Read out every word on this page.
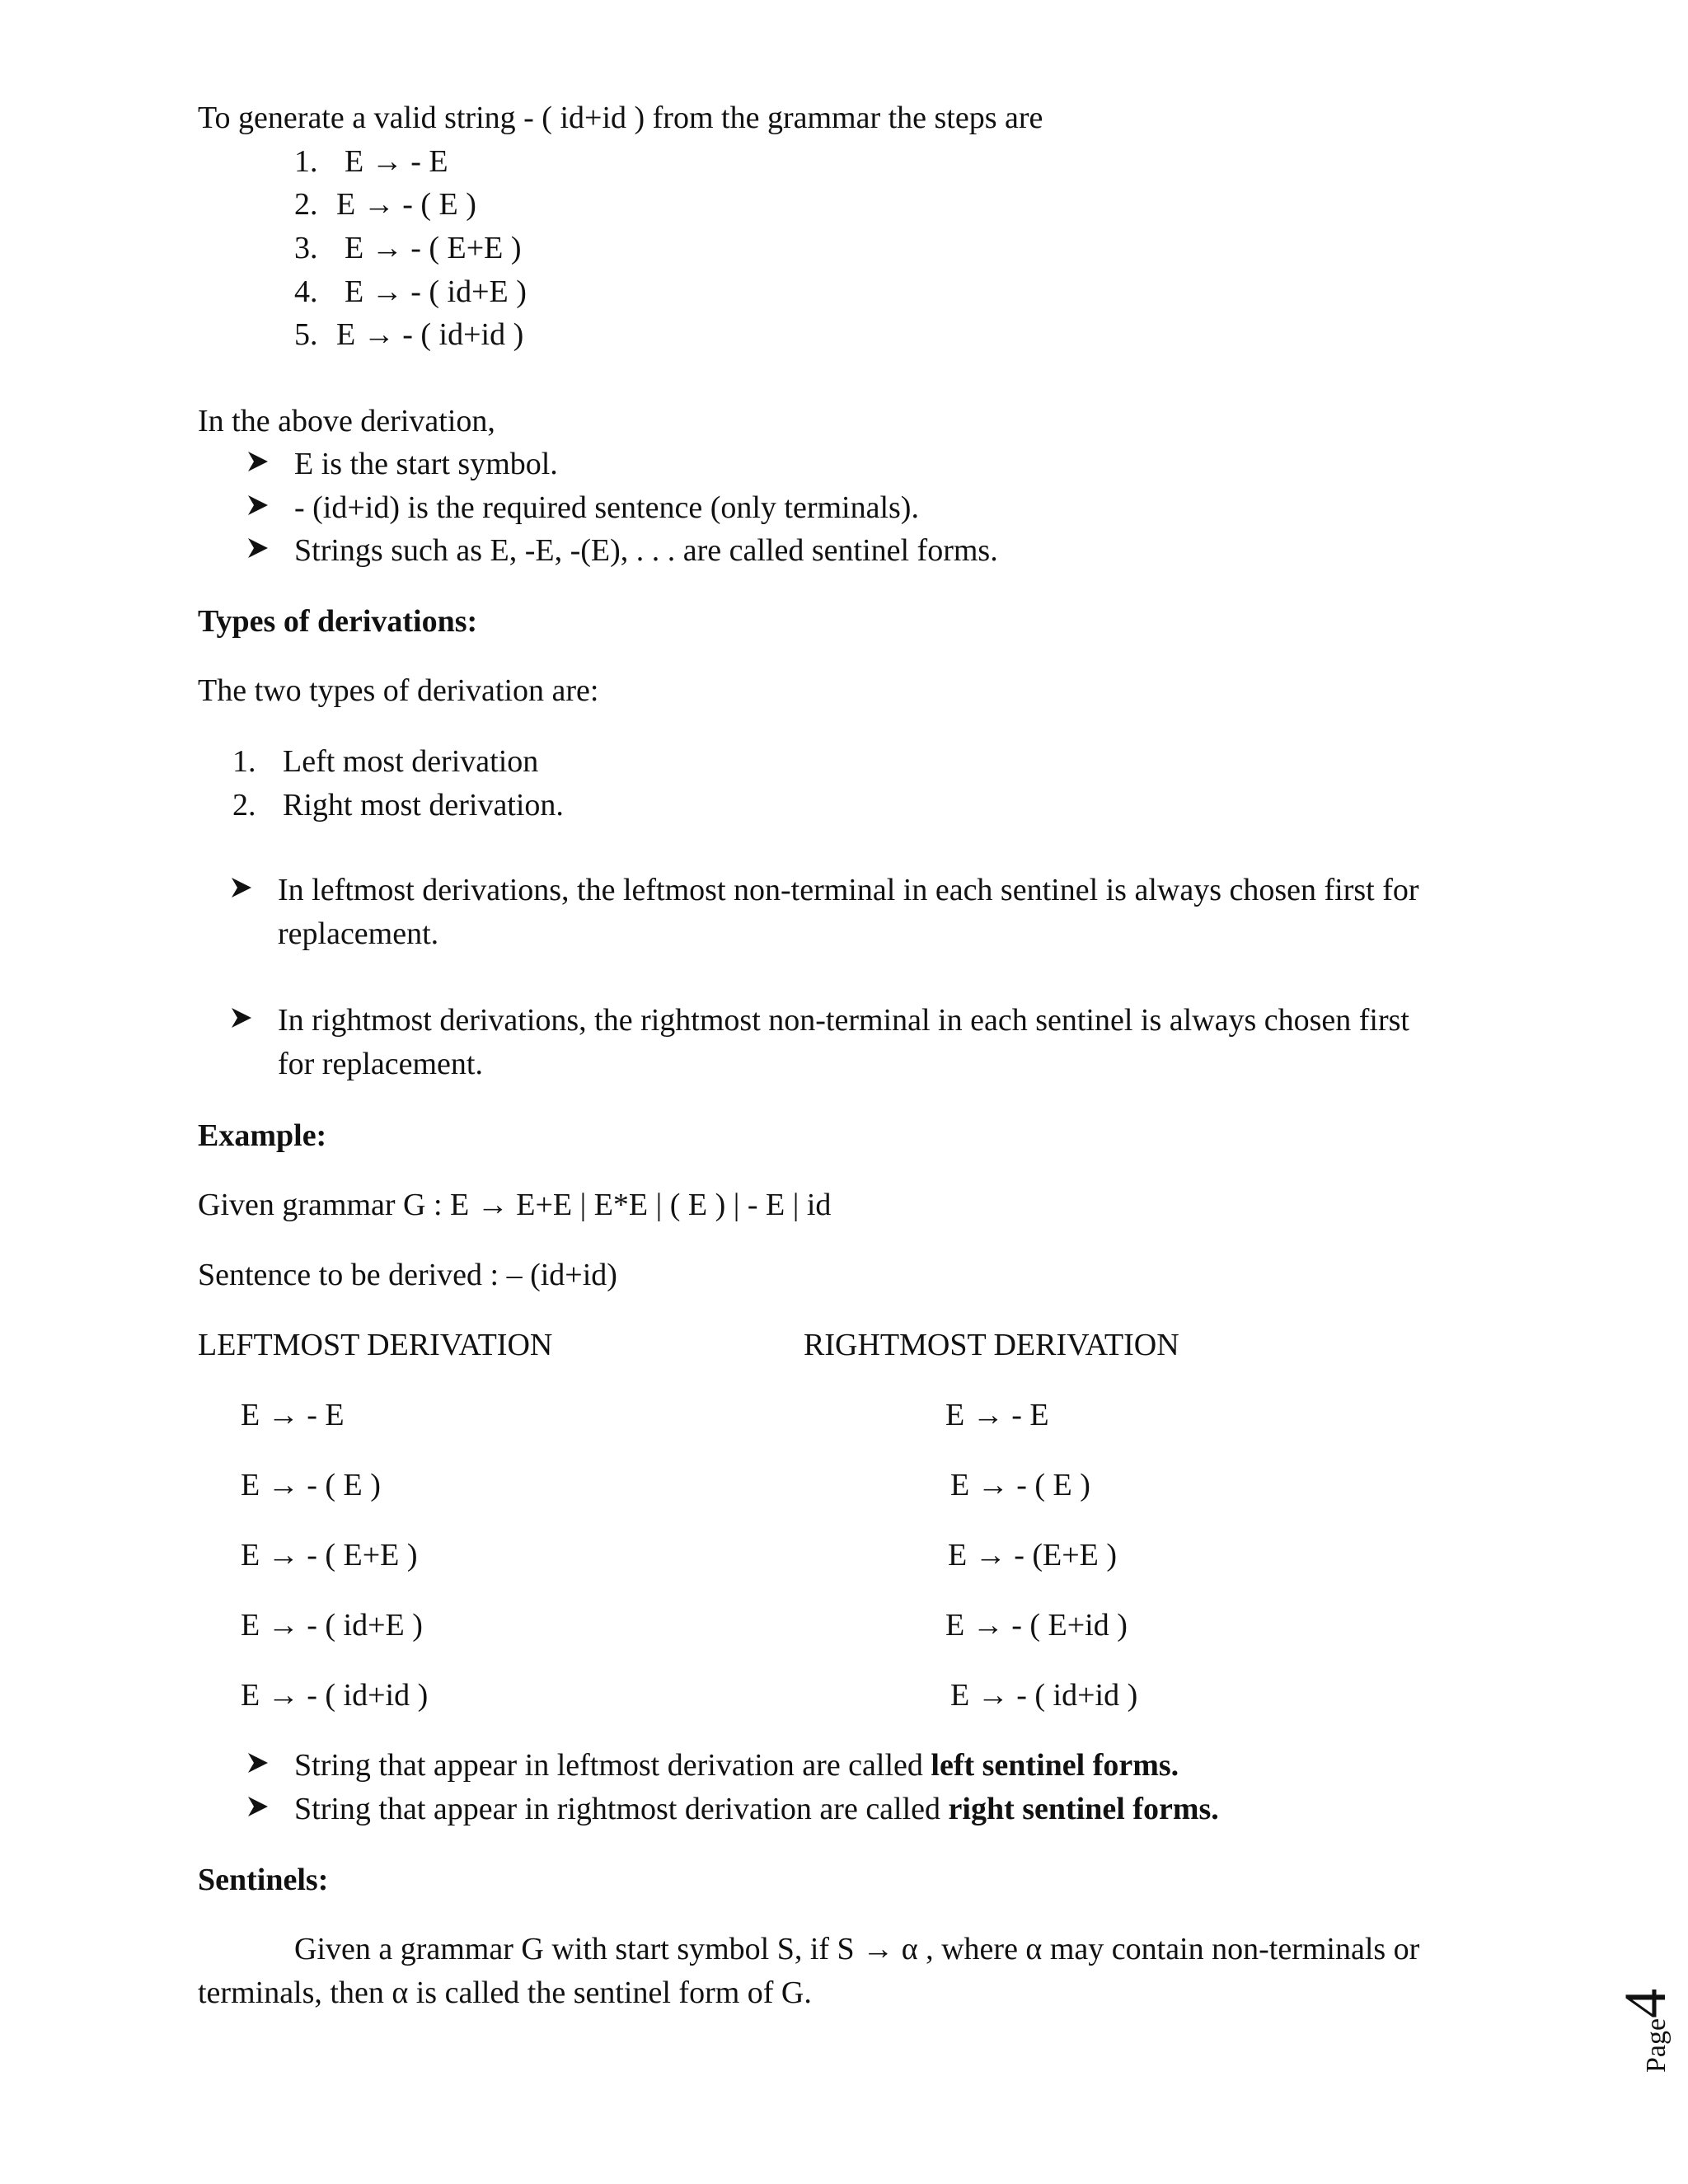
To generate a valid string - ( id+id ) from the grammar the steps are
1. E → - E
2. E → - ( E )
3. E → - ( E+E )
4. E → - ( id+E )
5. E → - ( id+id )
In the above derivation,
E is the start symbol.
- (id+id) is the required sentence (only terminals).
Strings such as E, -E, -(E), . . . are called sentinel forms.
Types of derivations:
The two types of derivation are:
1. Left most derivation
2. Right most derivation.
In leftmost derivations, the leftmost non-terminal in each sentinel is always chosen first for
replacement.
In rightmost derivations, the rightmost non-terminal in each sentinel is always chosen first
for replacement.
Example:
Given grammar G : E → E+E | E*E | ( E ) | - E | id
Sentence to be derived : – (id+id)
LEFTMOST DERIVATION	RIGHTMOST DERIVATION
E → - E
E → - ( E )
E → - ( E+E )
E → - ( id+E )
E → - ( id+id )
E → - E
E → - ( E )
E → - (E+E )
E → - ( E+id )
E → - ( id+id )
String that appear in leftmost derivation are called left sentinel forms.
String that appear in rightmost derivation are called right sentinel forms.
Sentinels:
Given a grammar G with start symbol S, if S → α , where α may contain non-terminals or
terminals, then α is called the sentinel form of G.
Page4
